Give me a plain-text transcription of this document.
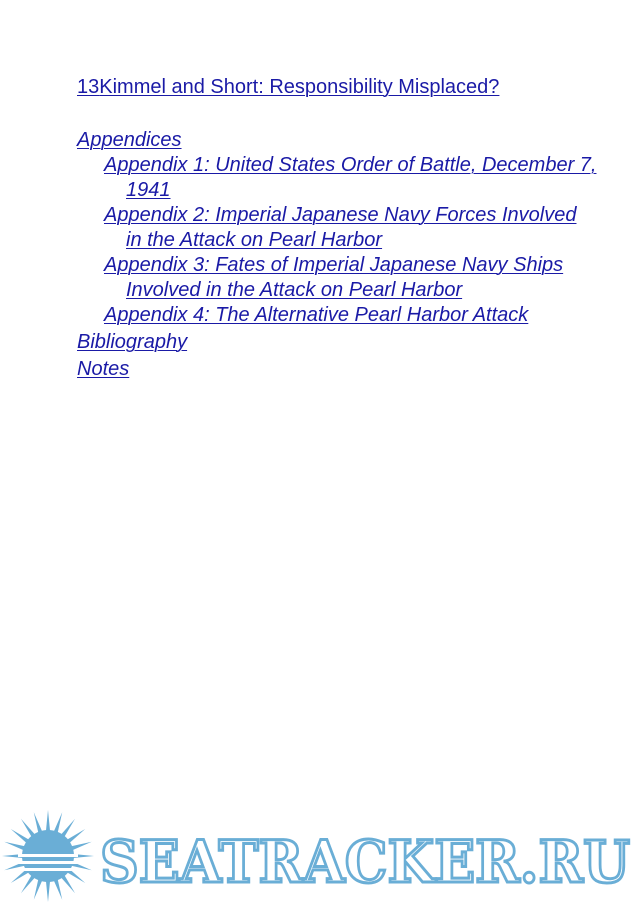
13Kimmel and Short: Responsibility Misplaced?
Appendices
Appendix 1: United States Order of Battle, December 7, 1941
Appendix 2: Imperial Japanese Navy Forces Involved in the Attack on Pearl Harbor
Appendix 3: Fates of Imperial Japanese Navy Ships Involved in the Attack on Pearl Harbor
Appendix 4: The Alternative Pearl Harbor Attack
Bibliography
Notes
SEATRACKER.RU
